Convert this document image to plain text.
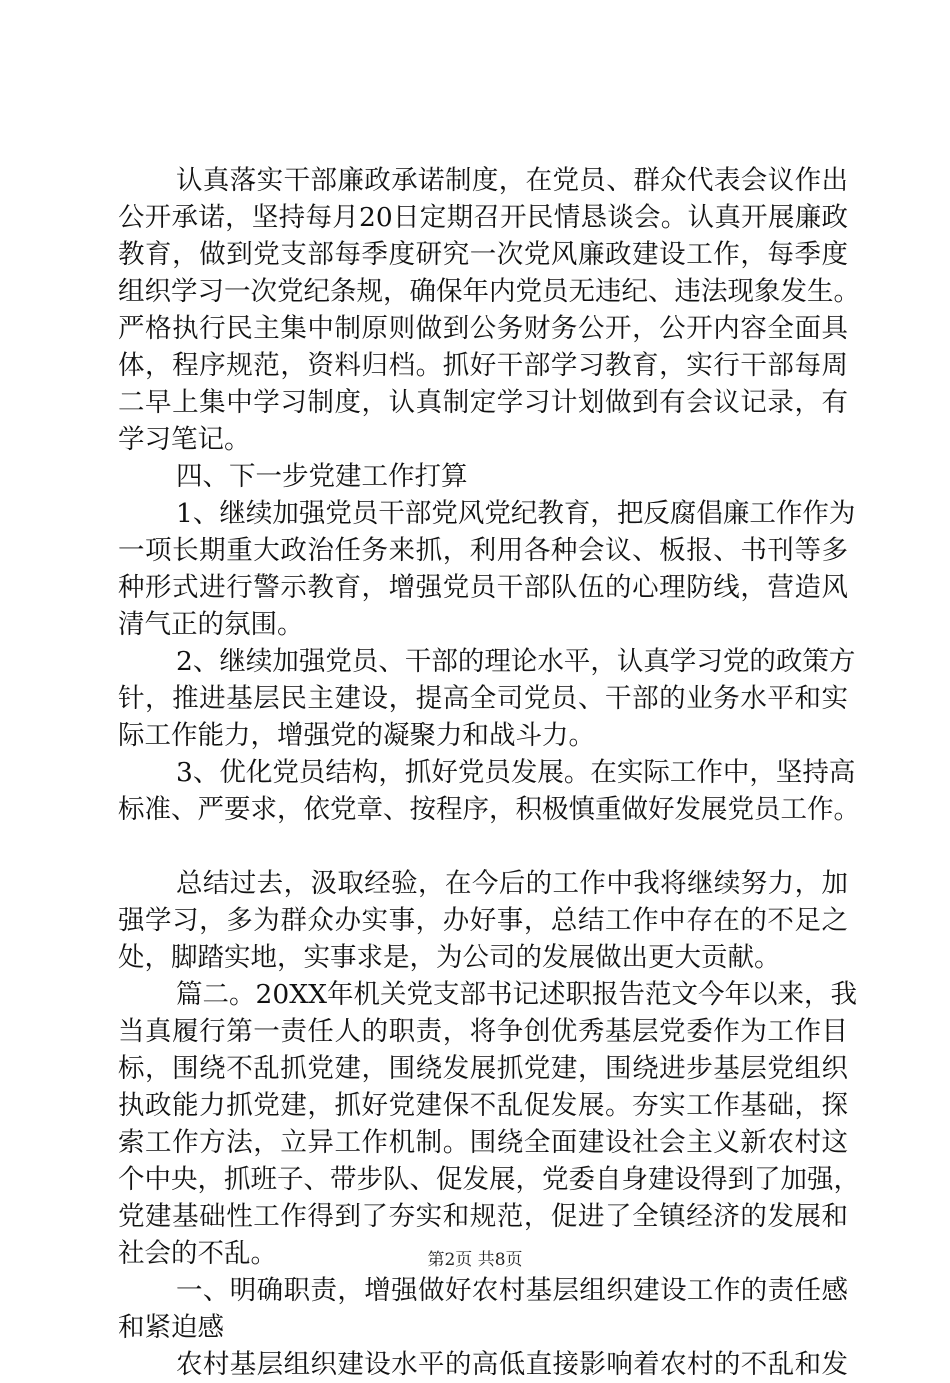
认真落实干部廉政承诺制度，在党员、群众代表会议作出
公开承诺，坚持每月20日定期召开民情恳谈会。认真开展廉政
教育，做到党支部每季度研究一次党风廉政建设工作，每季度
组织学习一次党纪条规，确保年内党员无违纪、违法现象发生。
严格执行民主集中制原则做到公务财务公开，公开内容全面具
体，程序规范，资料归档。抓好干部学习教育，实行干部每周
二早上集中学习制度，认真制定学习计划做到有会议记录，有
学习笔记。
四、下一步党建工作打算
1、继续加强党员干部党风党纪教育，把反腐倡廉工作作为
一项长期重大政治任务来抓，利用各种会议、板报、书刊等多
种形式进行警示教育，增强党员干部队伍的心理防线，营造风
清气正的氛围。
2、继续加强党员、干部的理论水平，认真学习党的政策方
针，推进基层民主建设，提高全司党员、干部的业务水平和实
际工作能力，增强党的凝聚力和战斗力。
3、优化党员结构，抓好党员发展。在实际工作中，坚持高
标准、严要求，依党章、按程序，积极慎重做好发展党员工作。
总结过去，汲取经验，在今后的工作中我将继续努力，加
强学习，多为群众办实事，办好事，总结工作中存在的不足之
处，脚踏实地，实事求是，为公司的发展做出更大贡献。
篇二。20XX年机关党支部书记述职报告范文今年以来，我
当真履行第一责任人的职责，将争创优秀基层党委作为工作目
标，围绕不乱抓党建，围绕发展抓党建，围绕进步基层党组织
执政能力抓党建，抓好党建保不乱促发展。夯实工作基础，探
索工作方法，立异工作机制。围绕全面建设社会主义新农村这
个中央，抓班子、带步队、促发展，党委自身建设得到了加强，
党建基础性工作得到了夯实和规范，促进了全镇经济的发展和
社会的不乱。
一、明确职责，增强做好农村基层组织建设工作的责任感
和紧迫感
农村基层组织建设水平的高低直接影响着农村的不乱和发
第2页 共8页
